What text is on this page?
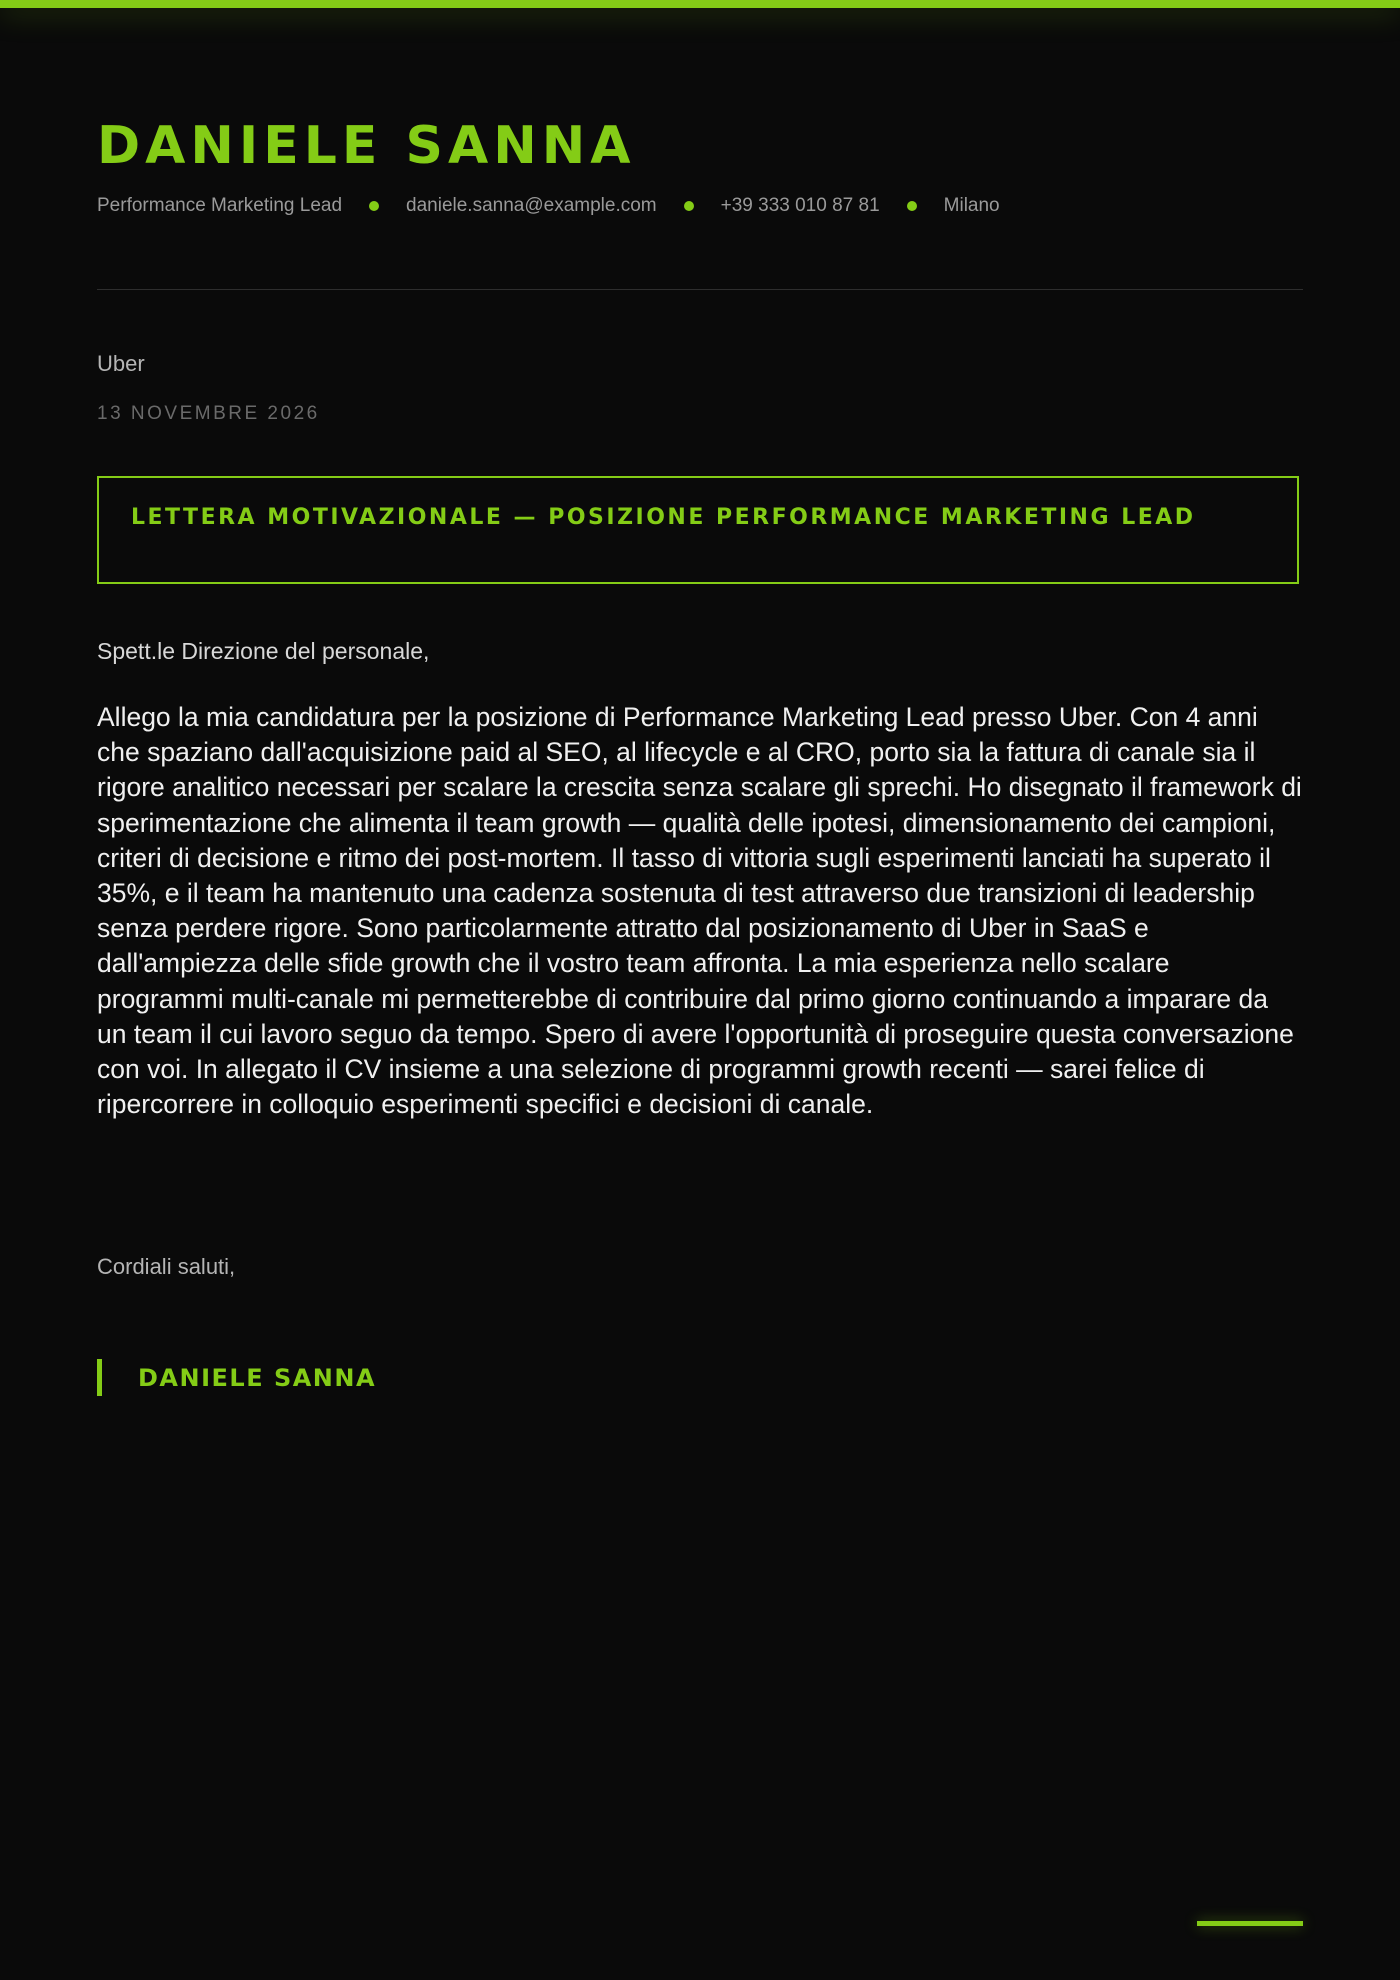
DANIELE SANNA
Performance Marketing Lead	daniele.sanna@example.com	+39 333 010 87 81	Milano
Uber
13 NOVEMBRE 2026
LETTERA MOTIVAZIONALE — POSIZIONE PERFORMANCE MARKETING LEAD
Spett.le Direzione del personale,

Allego la mia candidatura per la posizione di Performance Marketing Lead presso Uber. Con 4 anni che spaziano dall'acquisizione paid al SEO, al lifecycle e al CRO, porto sia la fattura di canale sia il rigore analitico necessari per scalare la crescita senza scalare gli sprechi. Ho disegnato il framework di sperimentazione che alimenta il team growth — qualità delle ipotesi, dimensionamento dei campioni, criteri di decisione e ritmo dei post-mortem. Il tasso di vittoria sugli esperimenti lanciati ha superato il 35%, e il team ha mantenuto una cadenza sostenuta di test attraverso due transizioni di leadership senza perdere rigore. Sono particolarmente attratto dal posizionamento di Uber in SaaS e dall'ampiezza delle sfide growth che il vostro team affronta. La mia esperienza nello scalare programmi multi-canale mi permetterebbe di contribuire dal primo giorno continuando a imparare da un team il cui lavoro seguo da tempo. Spero di avere l'opportunità di proseguire questa conversazione con voi. In allegato il CV insieme a una selezione di programmi growth recenti — sarei felice di ripercorrere in colloquio esperimenti specifici e decisioni di canale.

Cordiali saluti,
DANIELE SANNA
